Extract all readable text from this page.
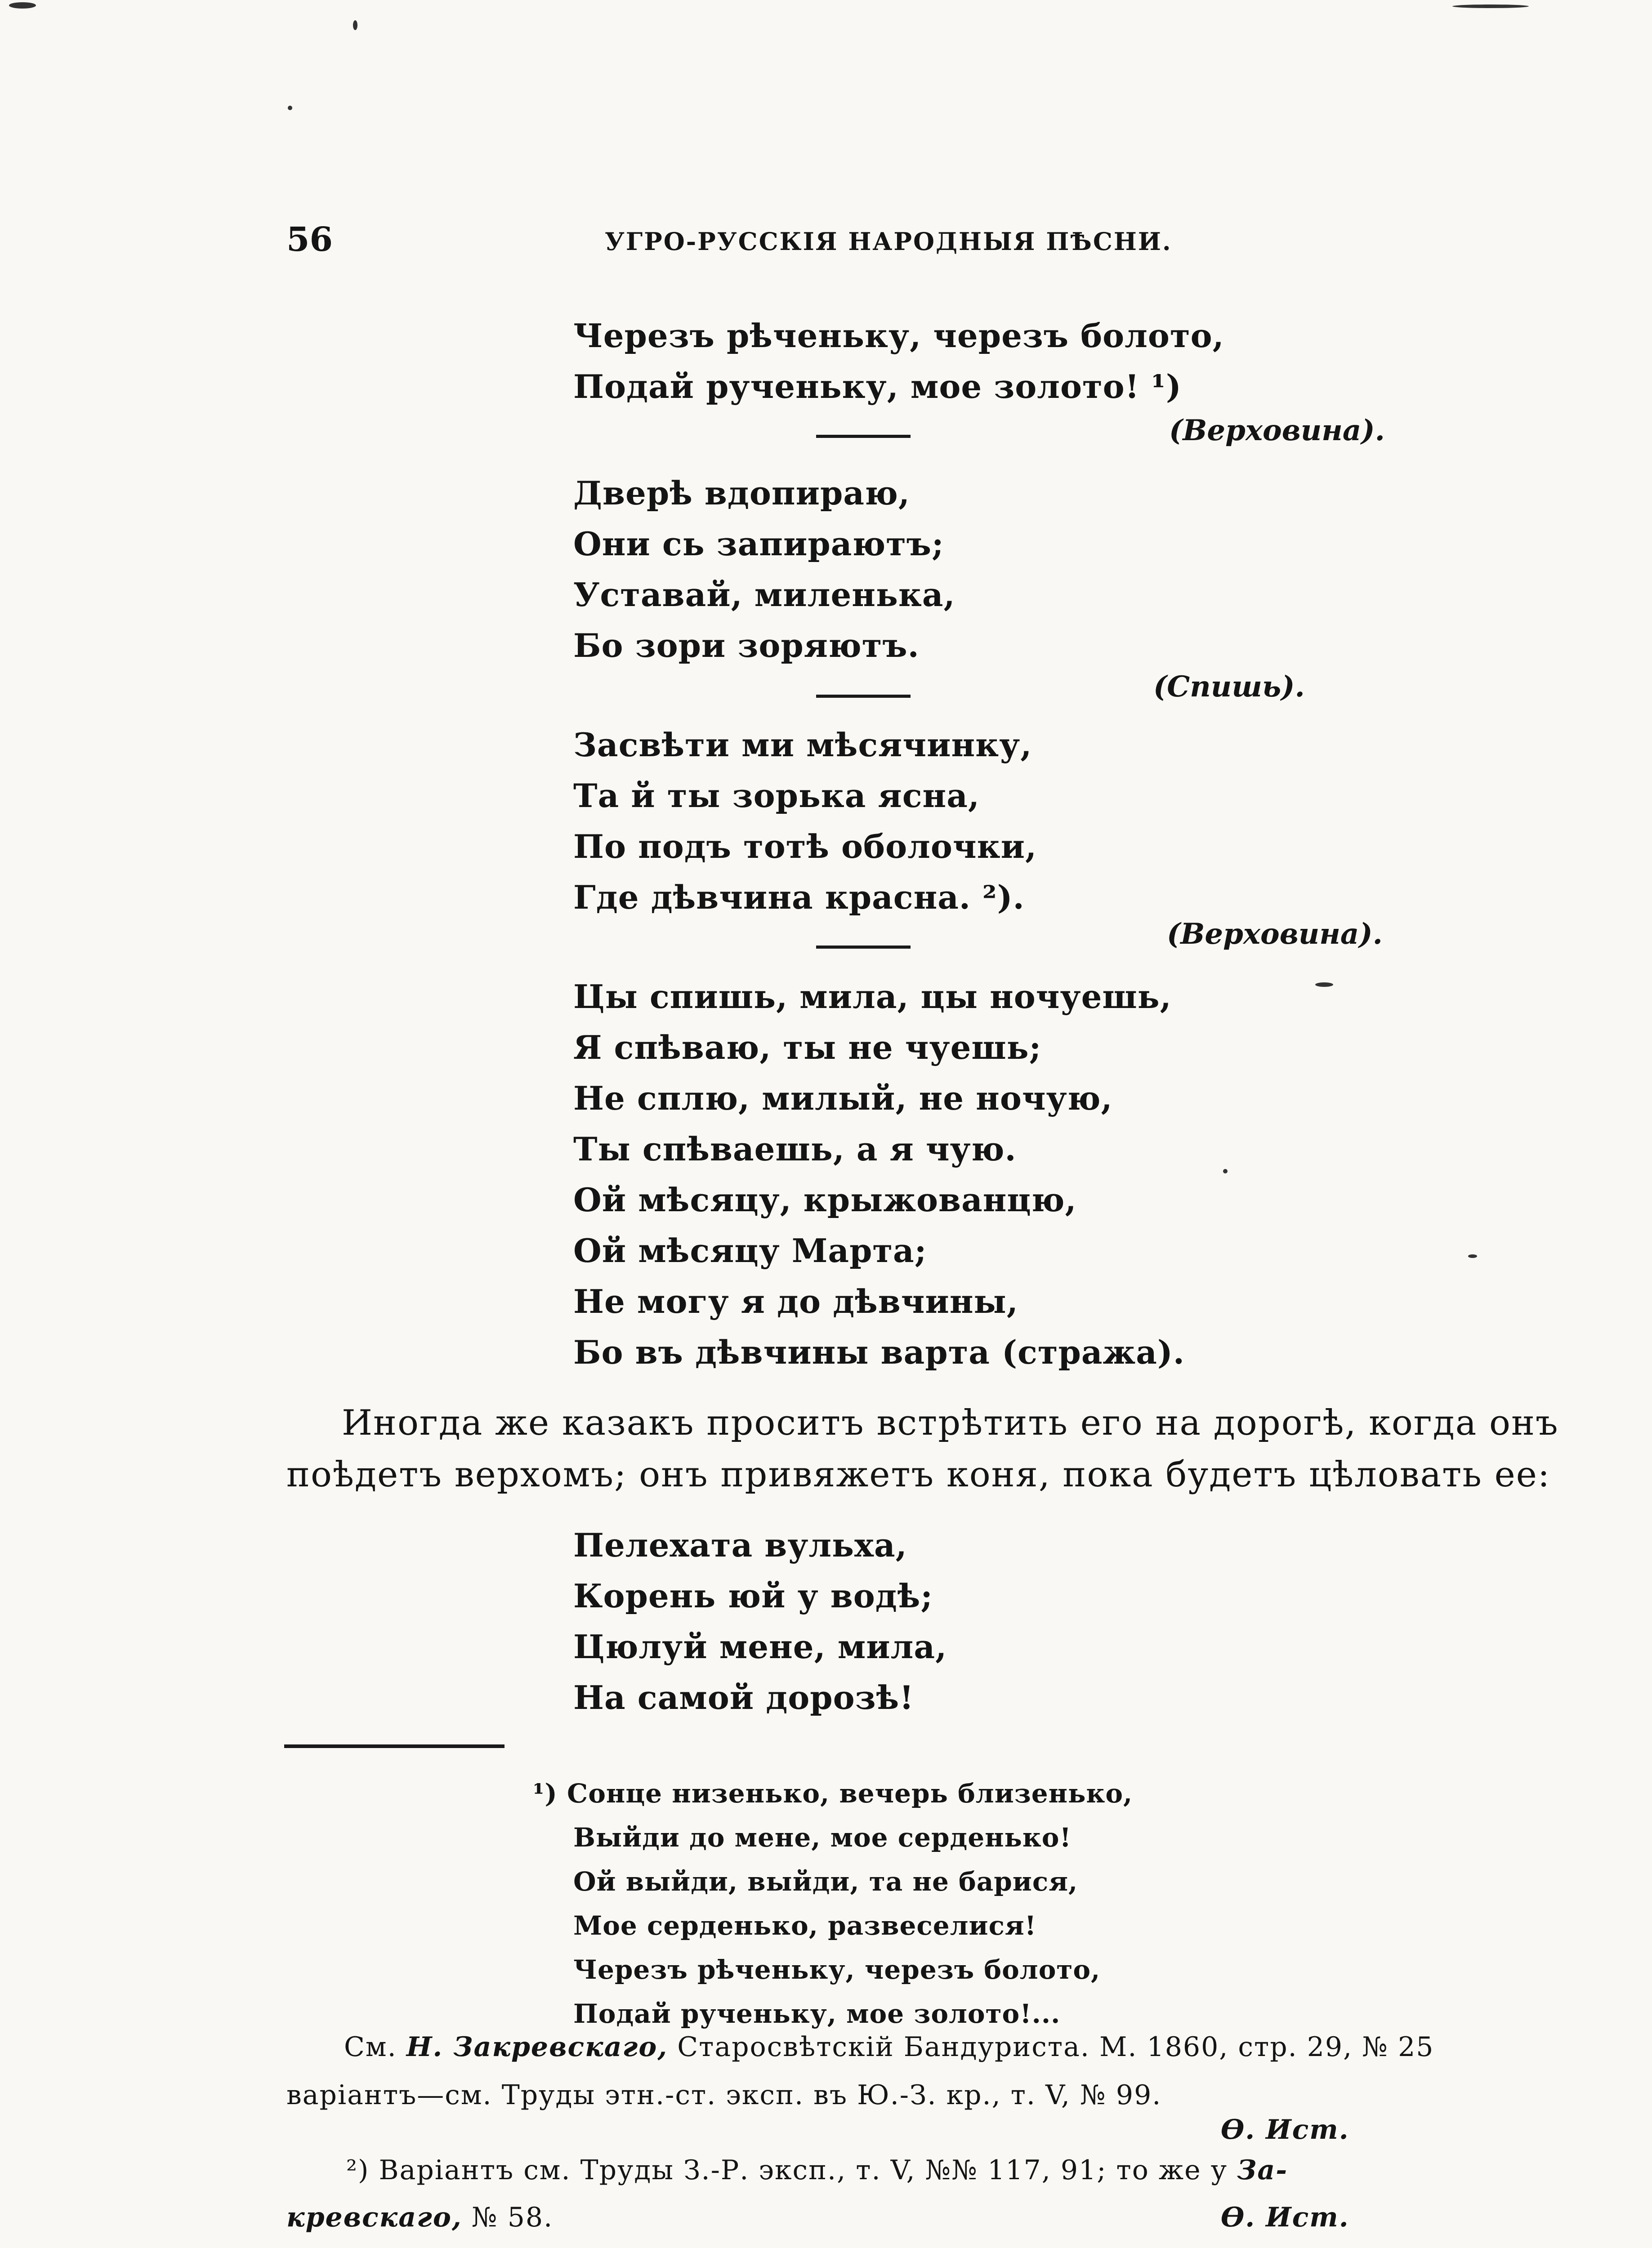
56	УГРО-РУССКІЯ НАРОДНЫЯ ПѢСНИ.
Черезъ рѣченьку, черезъ болото,
Подай рученьку, мое золото! ¹)
(Верховина).
Дверѣ вдопираю,
Они сь запираютъ;
Уставай, миленька,
Бо зори зоряютъ.
(Спишь).
Засвѣти ми мѣсячинку,
Та й ты зорька ясна,
По подъ тотѣ оболочки,
Где дѣвчина красна. ²).
(Верховина).
Цы спишь, мила, цы ночуешь,
Я спѣваю, ты не чуешь;
Не сплю, милый, не ночую,
Ты спѣваешь, а я чую.
Ой мѣсяцу, крыжованцю,
Ой мѣсяцу Марта;
Не могу я до дѣвчины,
Бо въ дѣвчины варта (стража).
Иногда же казакъ проситъ встрѣтить его на дорогѣ, когда онъ
поѣдетъ верхомъ; онъ привяжетъ коня, пока будетъ цѣловать ее:
Пелехата вульха,
Корень юй у водѣ;
Цюлуй мене, мила,
На самой дорозѣ!
¹) Сонце низенько, вечерь близенько,
Выйди до мене, мое серденько!
Ой выйди, выйди, та не барися,
Мое серденько, развеселися!
Черезъ рѣченьку, черезъ болото,
Подай рученьку, мое золото!...
См. Н. Закревскаго, Старосвѣтскій Бандуриста. М. 1860, стр. 29, № 25
варіантъ—см. Труды этн.-ст. эксп. въ Ю.-З. кр., т. V, № 99.
Ѳ. Ист.
²) Варіантъ см. Труды З.-Р. эксп., т. V, №№ 117, 91; то же у За-
кревскаго, № 58.	Ѳ. Ист.
